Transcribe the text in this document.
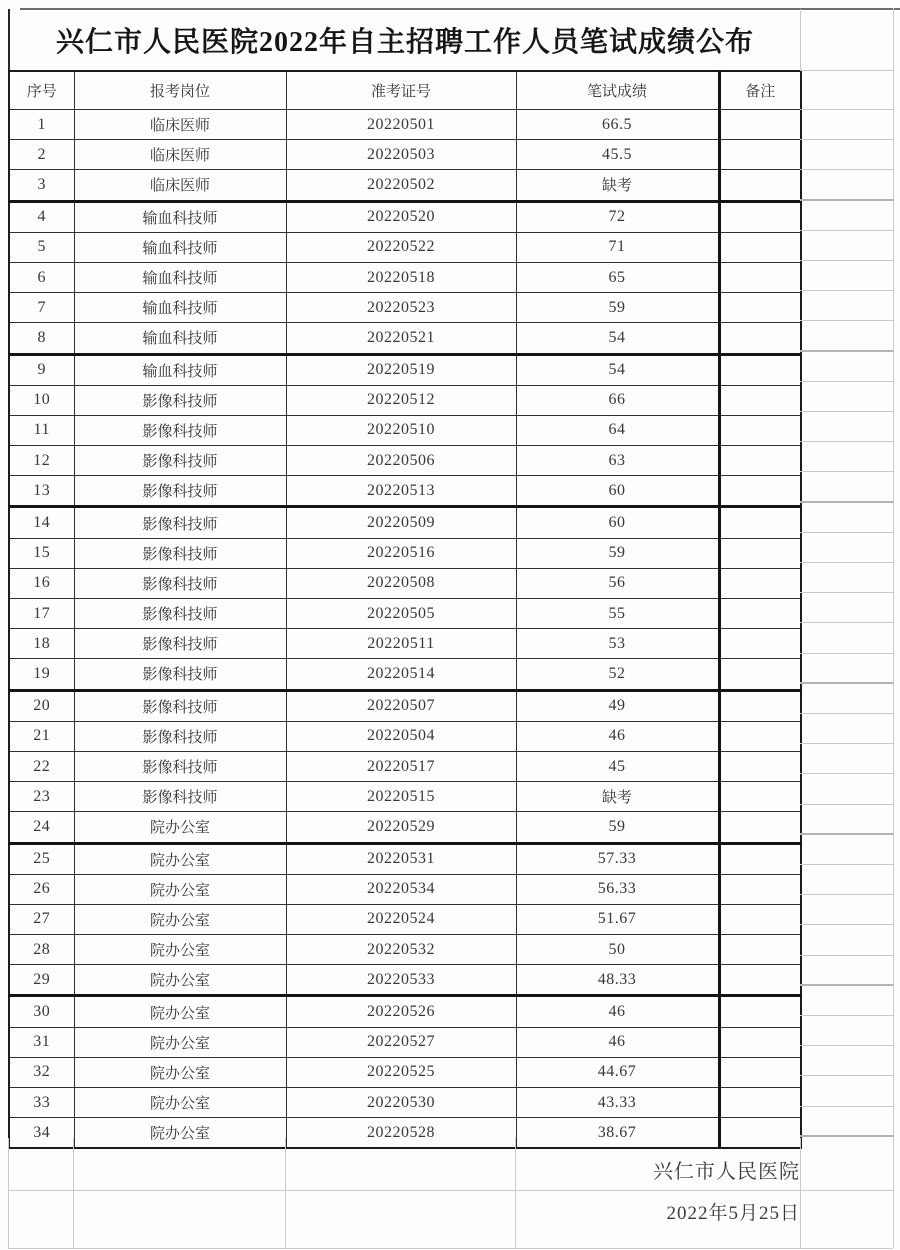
兴仁市人民医院2022年自主招聘工作人员笔试成绩公布
序号	报考岗位	准考证号	笔试成绩	备注
1	临床医师	20220501	66.5	
2	临床医师	20220503	45.5	
3	临床医师	20220502	缺考	
4	输血科技师	20220520	72	
5	输血科技师	20220522	71	
6	输血科技师	20220518	65	
7	输血科技师	20220523	59	
8	输血科技师	20220521	54	
9	输血科技师	20220519	54	
10	影像科技师	20220512	66	
11	影像科技师	20220510	64	
12	影像科技师	20220506	63	
13	影像科技师	20220513	60	
14	影像科技师	20220509	60	
15	影像科技师	20220516	59	
16	影像科技师	20220508	56	
17	影像科技师	20220505	55	
18	影像科技师	20220511	53	
19	影像科技师	20220514	52	
20	影像科技师	20220507	49	
21	影像科技师	20220504	46	
22	影像科技师	20220517	45	
23	影像科技师	20220515	缺考	
24	院办公室	20220529	59	
25	院办公室	20220531	57.33	
26	院办公室	20220534	56.33	
27	院办公室	20220524	51.67	
28	院办公室	20220532	50	
29	院办公室	20220533	48.33	
30	院办公室	20220526	46	
31	院办公室	20220527	46	
32	院办公室	20220525	44.67	
33	院办公室	20220530	43.33	
34	院办公室	20220528	38.67	
兴仁市人民医院
2022年5月25日
